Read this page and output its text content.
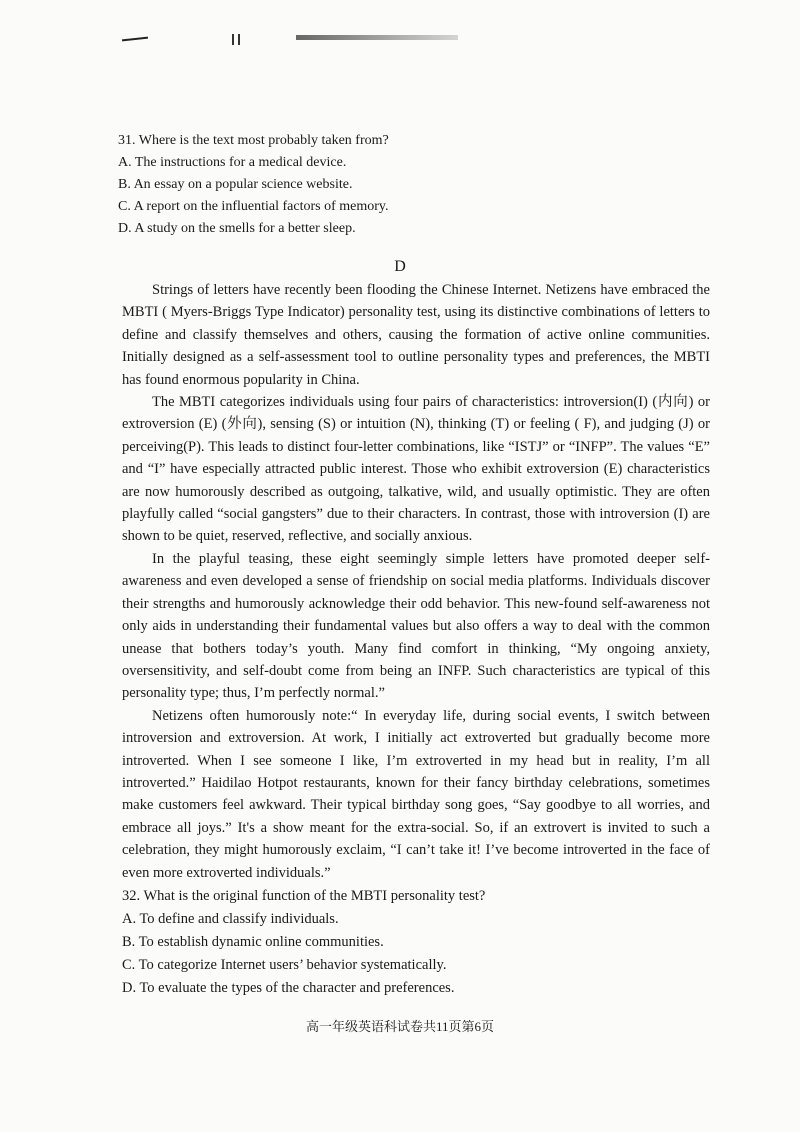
31. Where is the text most probably taken from?
A. The instructions for a medical device.
B. An essay on a popular science website.
C. A report on the influential factors of memory.
D. A study on the smells for a better sleep.
D

Strings of letters have recently been flooding the Chinese Internet. Netizens have embraced the MBTI ( Myers-Briggs Type Indicator) personality test, using its distinctive combinations of letters to define and classify themselves and others, causing the formation of active online communities. Initially designed as a self-assessment tool to outline personality types and preferences, the MBTI has found enormous popularity in China.

The MBTI categorizes individuals using four pairs of characteristics: introversion(I) (内向) or extroversion (E) (外向), sensing (S) or intuition (N), thinking (T) or feeling ( F), and judging (J) or perceiving(P). This leads to distinct four-letter combinations, like “ISTJ” or “INFP”. The values “E” and “I” have especially attracted public interest. Those who exhibit extroversion (E) characteristics are now humorously described as outgoing, talkative, wild, and usually optimistic. They are often playfully called “social gangsters” due to their characters. In contrast, those with introversion (I) are shown to be quiet, reserved, reflective, and socially anxious.

In the playful teasing, these eight seemingly simple letters have promoted deeper self-awareness and even developed a sense of friendship on social media platforms. Individuals discover their strengths and humorously acknowledge their odd behavior. This new-found self-awareness not only aids in understanding their fundamental values but also offers a way to deal with the common unease that bothers today’s youth. Many find comfort in thinking, “My ongoing anxiety, oversensitivity, and self-doubt come from being an INFP. Such characteristics are typical of this personality type; thus, I’m perfectly normal.”

Netizens often humorously note:“ In everyday life, during social events, I switch between introversion and extroversion. At work, I initially act extroverted but gradually become more introverted. When I see someone I like, I’m extroverted in my head but in reality, I’m all introverted.” Haidilao Hotpot restaurants, known for their fancy birthday celebrations, sometimes make customers feel awkward. Their typical birthday song goes, “Say goodbye to all worries, and embrace all joys.” It's a show meant for the extra-social. So, if an extrovert is invited to such a celebration, they might humorously exclaim, “I can’t take it! I’ve become introverted in the face of even more extroverted individuals.”

32. What is the original function of the MBTI personality test?
A. To define and classify individuals.
B. To establish dynamic online communities.
C. To categorize Internet users’ behavior systematically.
D. To evaluate the types of the character and preferences.
高一年级英语科试卷共11页第6页
